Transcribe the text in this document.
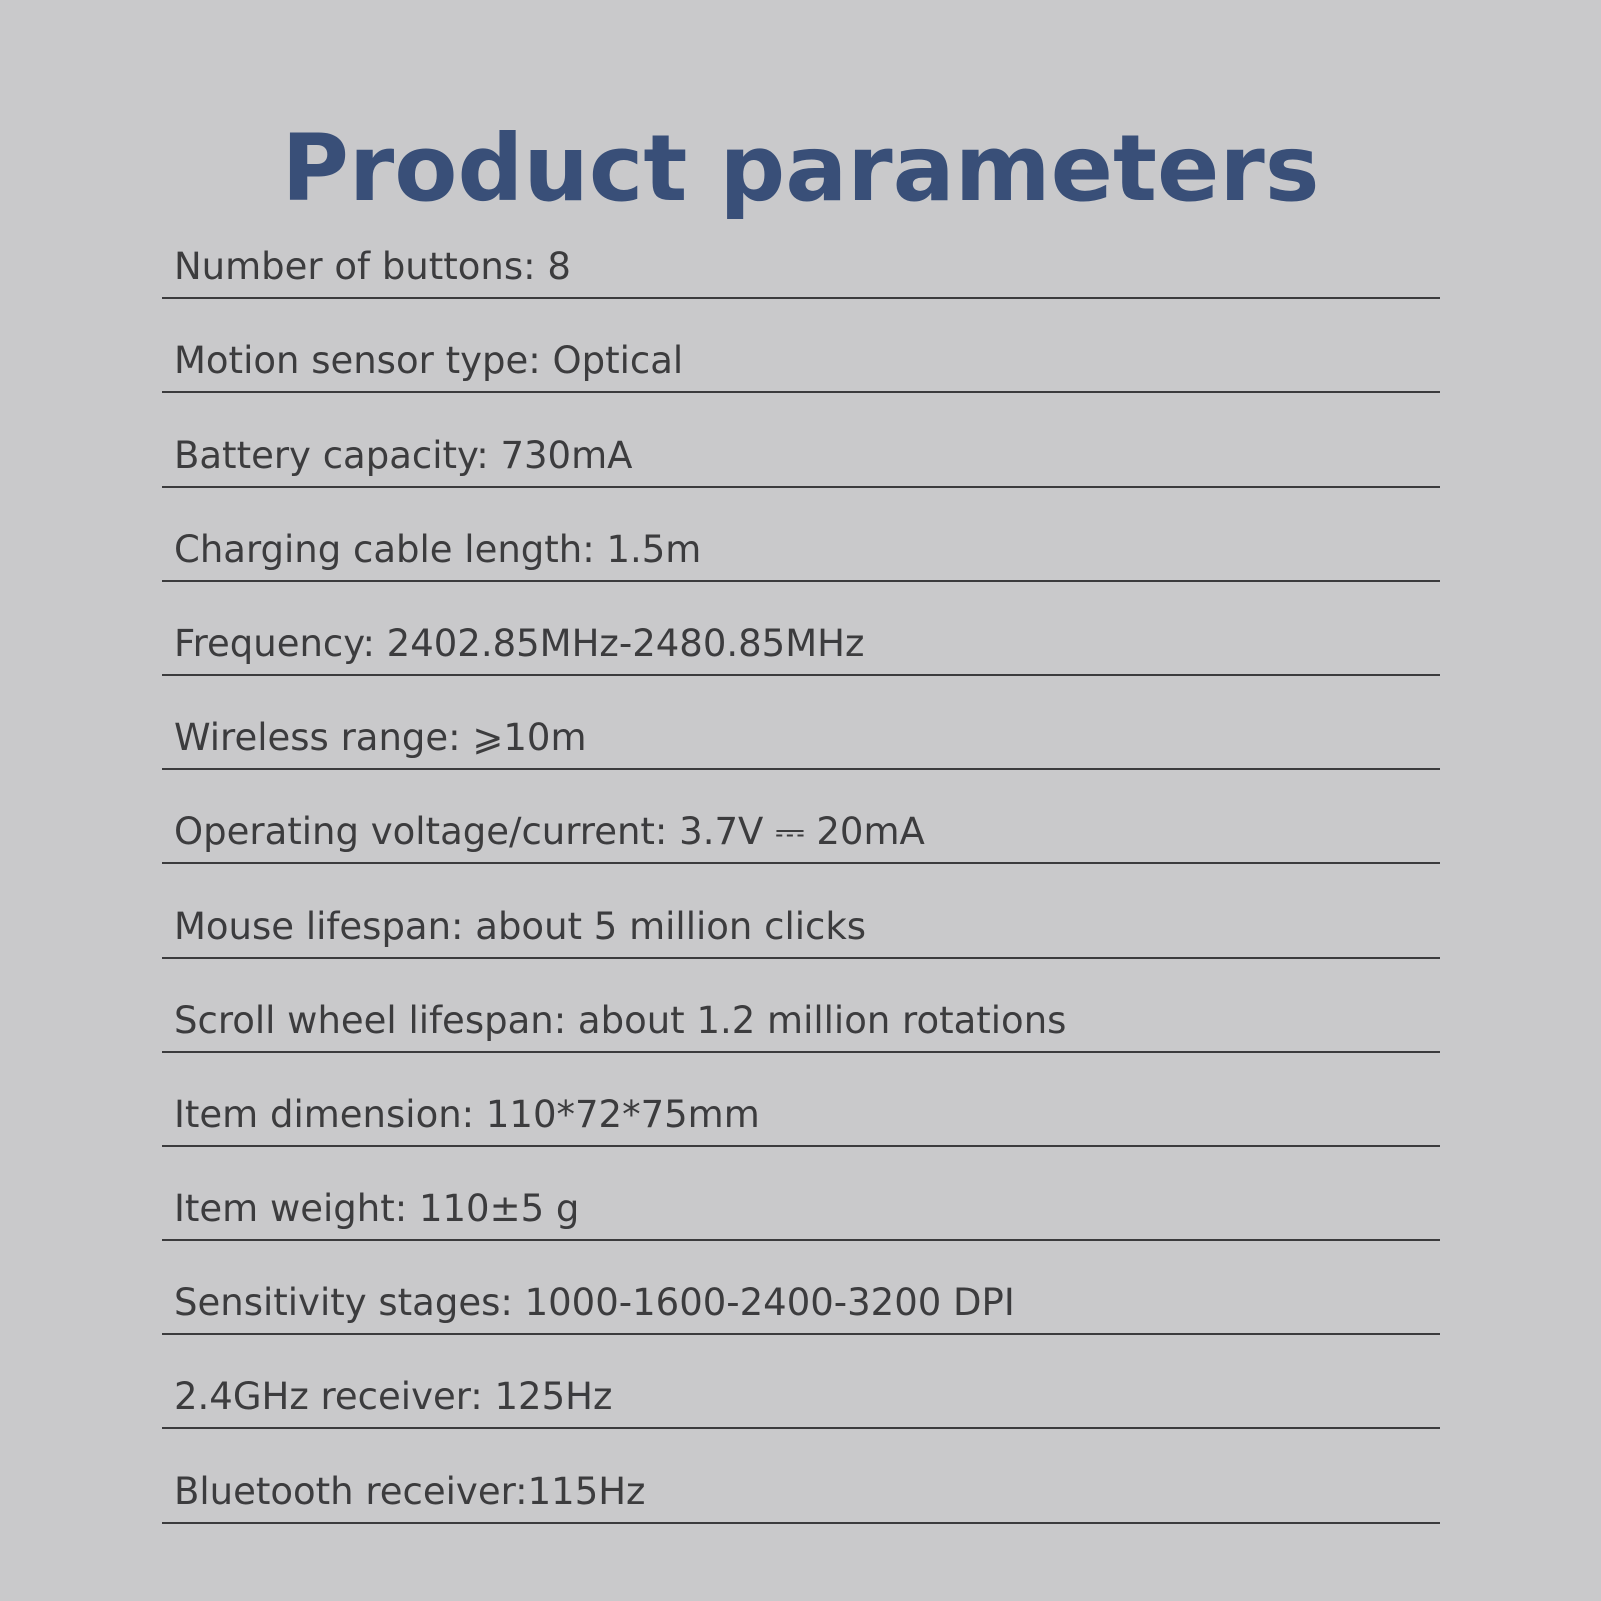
Product parameters
Number of buttons: 8
Motion sensor type: Optical
Battery capacity: 730mA
Charging cable length: 1.5m
Frequency: 2402.85MHz-2480.85MHz
Wireless range: ⩾10m
Operating voltage/current: 3.7V ⎓ 20mA
Mouse lifespan: about 5 million clicks
Scroll wheel lifespan: about 1.2 million rotations
Item dimension: 110*72*75mm
Item weight: 110±5 g
Sensitivity stages: 1000-1600-2400-3200 DPI
2.4GHz receiver: 125Hz
Bluetooth receiver:115Hz
